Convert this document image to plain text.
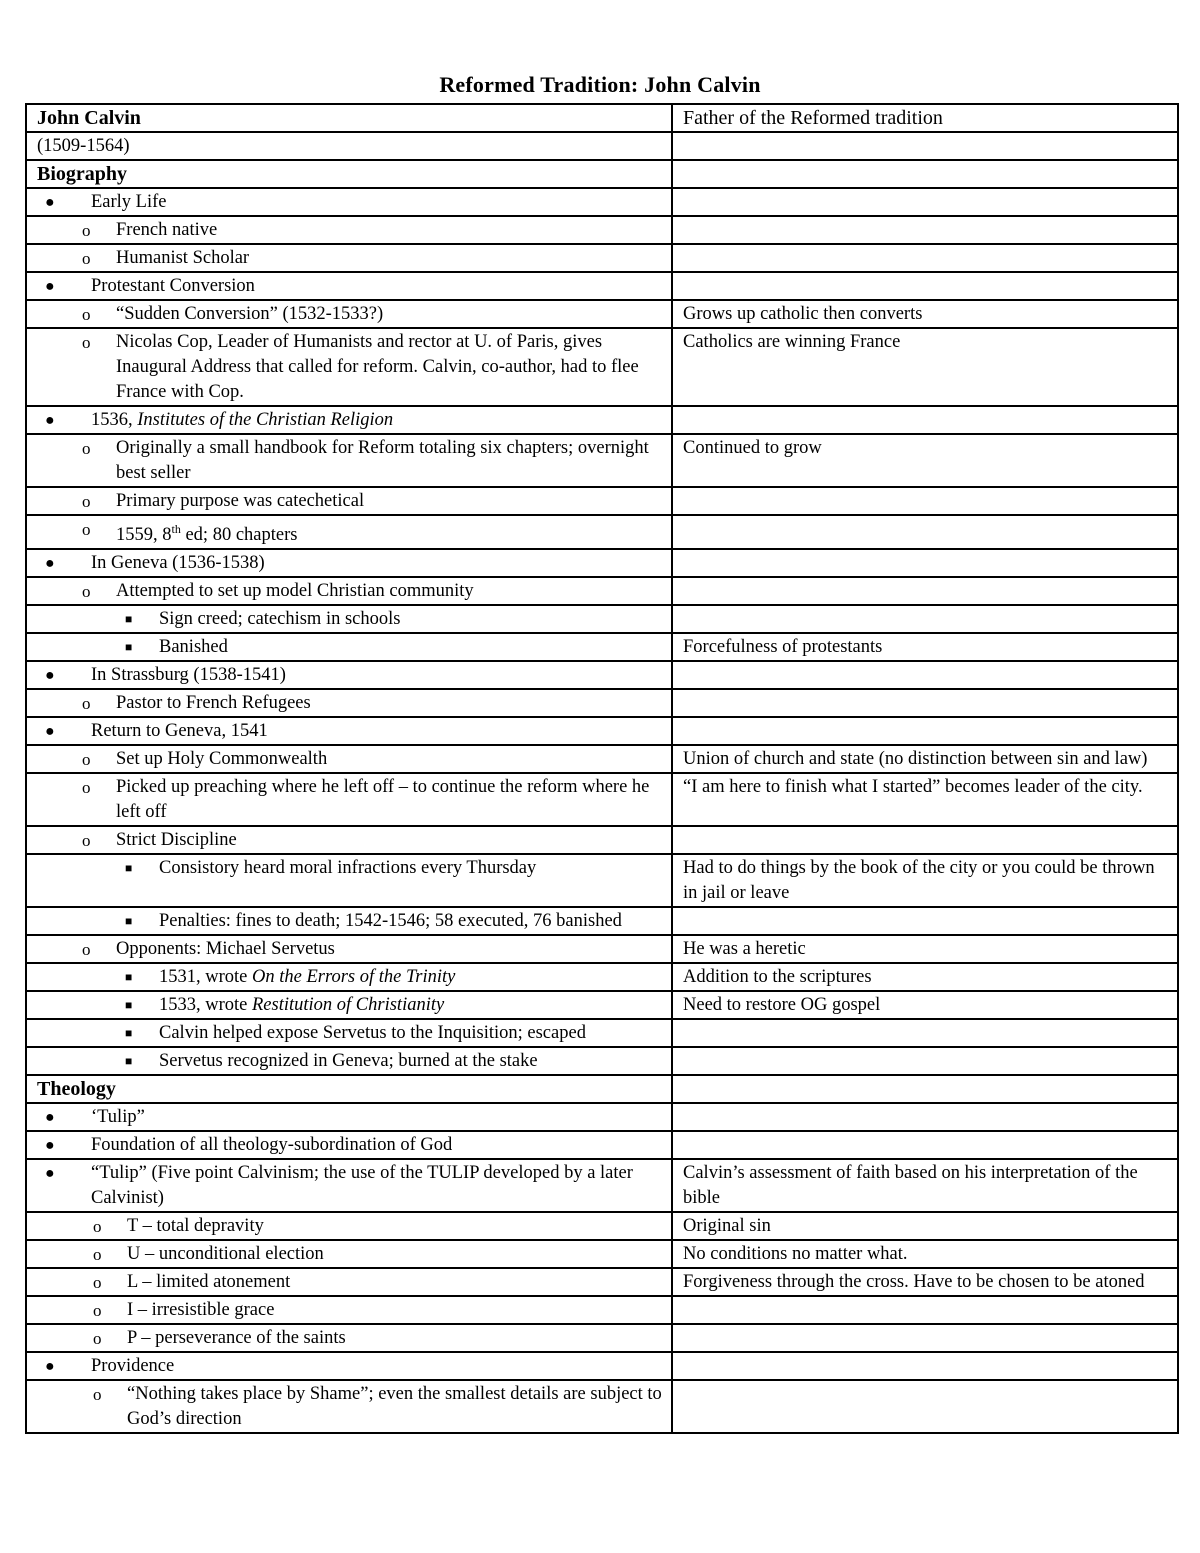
Reformed Tradition: John Calvin
John Calvin	Father of the Reformed tradition

(1509-1564)	

Biography	

● Early Life	

o French native	

o Humanist Scholar	

● Protestant Conversion	

o “Sudden Conversion” (1532-1533?)	Grows up catholic then converts

o Nicolas Cop, Leader of Humanists and rector at U. of Paris, gives Inaugural Address that called for reform. Calvin, co-author, had to flee France with Cop.	Catholics are winning France

● 1536, Institutes of the Christian Religion	

o Originally a small handbook for Reform totaling six chapters; overnight best seller	Continued to grow

o Primary purpose was catechetical	

o 1559, 8th ed; 80 chapters	

● In Geneva (1536-1538)	

o Attempted to set up model Christian community	

■ Sign creed; catechism in schools	

■ Banished	Forcefulness of protestants

● In Strassburg (1538-1541)	

o Pastor to French Refugees	

● Return to Geneva, 1541	

o Set up Holy Commonwealth	Union of church and state (no distinction between sin and law)

o Picked up preaching where he left off – to continue the reform where he left off	“I am here to finish what I started” becomes leader of the city.

o Strict Discipline	

■ Consistory heard moral infractions every Thursday	Had to do things by the book of the city or you could be thrown in jail or leave

■ Penalties: fines to death; 1542-1546; 58 executed, 76 banished	

o Opponents: Michael Servetus	He was a heretic

■ 1531, wrote On the Errors of the Trinity	Addition to the scriptures

■ 1533, wrote Restitution of Christianity	Need to restore OG gospel

■ Calvin helped expose Servetus to the Inquisition; escaped	

■ Servetus recognized in Geneva; burned at the stake	

Theology	

● ‘Tulip”	

● Foundation of all theology-subordination of God	

● “Tulip” (Five point Calvinism; the use of the TULIP developed by a later Calvinist)	Calvin’s assessment of faith based on his interpretation of the bible

o T – total depravity	Original sin

o U – unconditional election	No conditions no matter what.

o L – limited atonement	Forgiveness through the cross. Have to be chosen to be atoned

o I – irresistible grace	

o P – perseverance of the saints	

● Providence	

o “Nothing takes place by Shame”; even the smallest details are subject to God’s direction	
